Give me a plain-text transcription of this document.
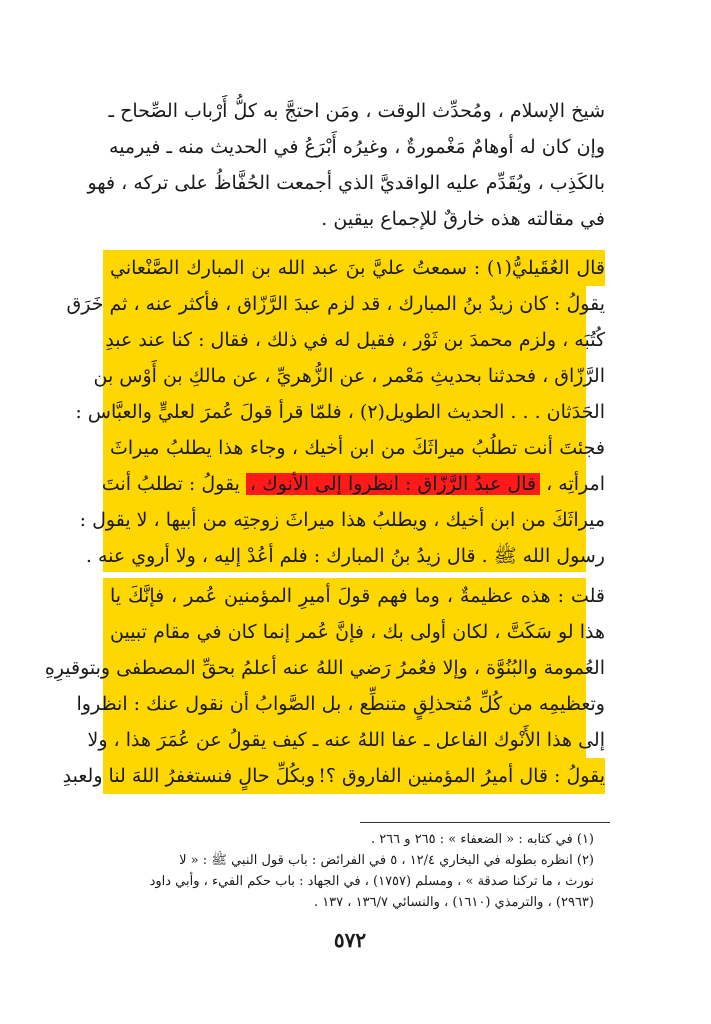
شيخ الإسلام ، ومُحدِّث الوقت ، ومَن احتجَّ به كلُّ أَرْباب الصِّحاح ـ
وإن كان له أوهامٌ مَغْمورةٌ ، وغيرُه أَبْرَعُ في الحديث منه ـ فيرميه
بالكَذِب ، ويُقَدِّم عليه الواقديَّ الذي أجمعت الحُفَّاظُ على تركه ، فهو
في مقالته هذه خارقٌ للإجماع بيقين .
قال العُقَيليُّ(١) : سمعتُ عليَّ بنَ عبد الله بن المبارك الصَّنْعاني
يقولُ : كان زيدُ بنُ المبارك ، قد لزم عبدَ الرَّزّاق ، فأكثر عنه ، ثم خَرَق
كُتُبَه ، ولزم محمدَ بن ثَوْر ، فقيل له في ذلك ، فقال : كنا عند عبدِ
الرَّزّاق ، فحدثنا بحديثِ مَعْمر ، عن الزُّهريِّ ، عن مالكِ بن أَوْس بن
الحَدَثان . . . الحديث الطويل(٢) ، فلمّا قرأ قولَ عُمرَ لعليٍّ والعبَّاس :
فجئتَ أنت تطلُبُ ميراثَكَ من ابن أخيك ، وجاء هذا يطلبُ ميراثَ
امرأتِه ، قال عبدُ الرَّزّاق : انظروا إلى الأنوك ، يقولُ : تطلبُ أنتَ
ميراثَكَ من ابن أخيك ، ويطلبُ هذا ميراثَ زوجتِه من أبيها ، لا يقول :
رسول الله ﷺ . قال زيدُ بنُ المبارك : فلم أعُدْ إليه ، ولا أروي عنه .
قلت : هذه عظيمةٌ ، وما فهم قولَ أميرِ المؤمنين عُمر ، فإنَّكَ يا
هذا لو سَكَتَّ ، لكان أولى بك ، فإنَّ عُمر إنما كان في مقام تبيين
العُمومة والبُنُوَّة ، وإلا فعُمرُ رَضي اللهُ عنه أعلمُ بحقِّ المصطفى وبتوقيرِهِ
وتعظيمِه من كُلِّ مُتحذلِقٍ متنطِّع ، بل الصَّوابُ أن نقول عنك : انظروا
إلى هذا الأَنْوك الفاعل ـ عفا اللهُ عنه ـ كيف يقولُ عن عُمَرَ هذا ، ولا
يقولُ : قال أميرُ المؤمنين الفاروق ؟!
وبكُلِّ حالٍ فنستغفرُ اللهَ لنا ولعبدِ
(١) في كتابه : « الضعفاء » : ٢٦٥ و ٢٦٦ .
(٢) انظره بطوله في البخاري ١٢/٤ ، ٥ في الفرائض : باب قول النبي ﷺ : « لا
نورث ، ما تركنا صدقة » ، ومسلم (١٧٥٧) ، في الجهاد : باب حكم الفيء ، وأبي داود
(٢٩٦٣) ، والترمذي (١٦١٠) ، والنسائي ١٣٦/٧ ، ١٣٧ .
٥٧٢
